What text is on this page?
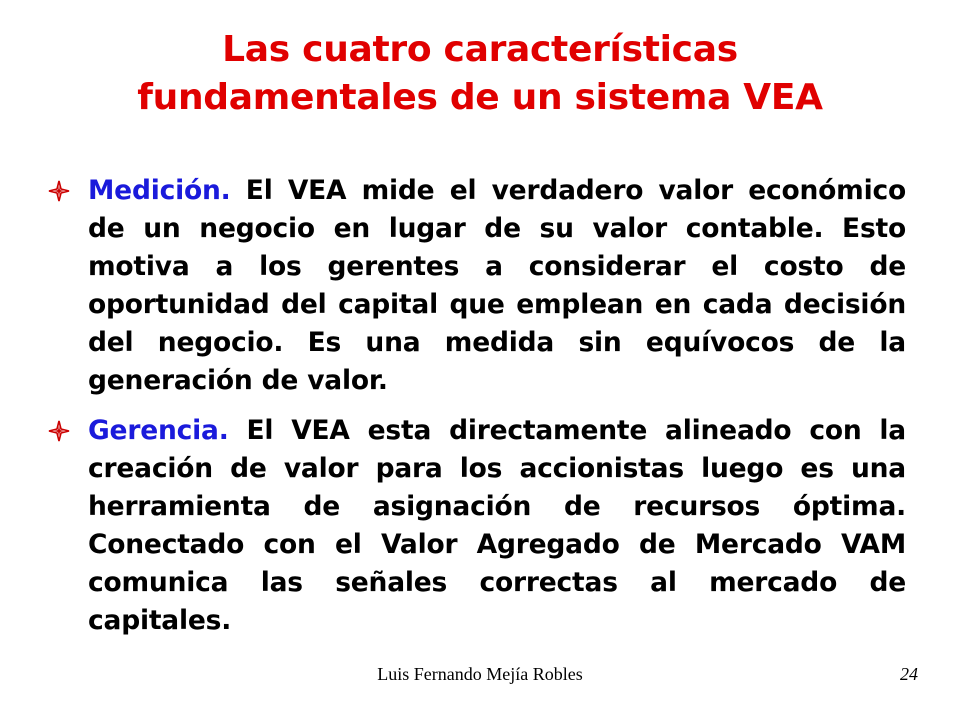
Las cuatro características
fundamentales de un sistema VEA
Medición. El VEA mide el verdadero valor económico de un negocio en lugar de su valor contable. Esto motiva a los gerentes a considerar el costo de oportunidad del capital que emplean en cada decisión del negocio. Es una medida sin equívocos de la generación de valor.
Gerencia. El VEA esta directamente alineado con la creación de valor para los accionistas luego es una herramienta de asignación de recursos óptima. Conectado con el Valor Agregado de Mercado VAM comunica las señales correctas al mercado de capitales.
Luis Fernando Mejía Robles	24
